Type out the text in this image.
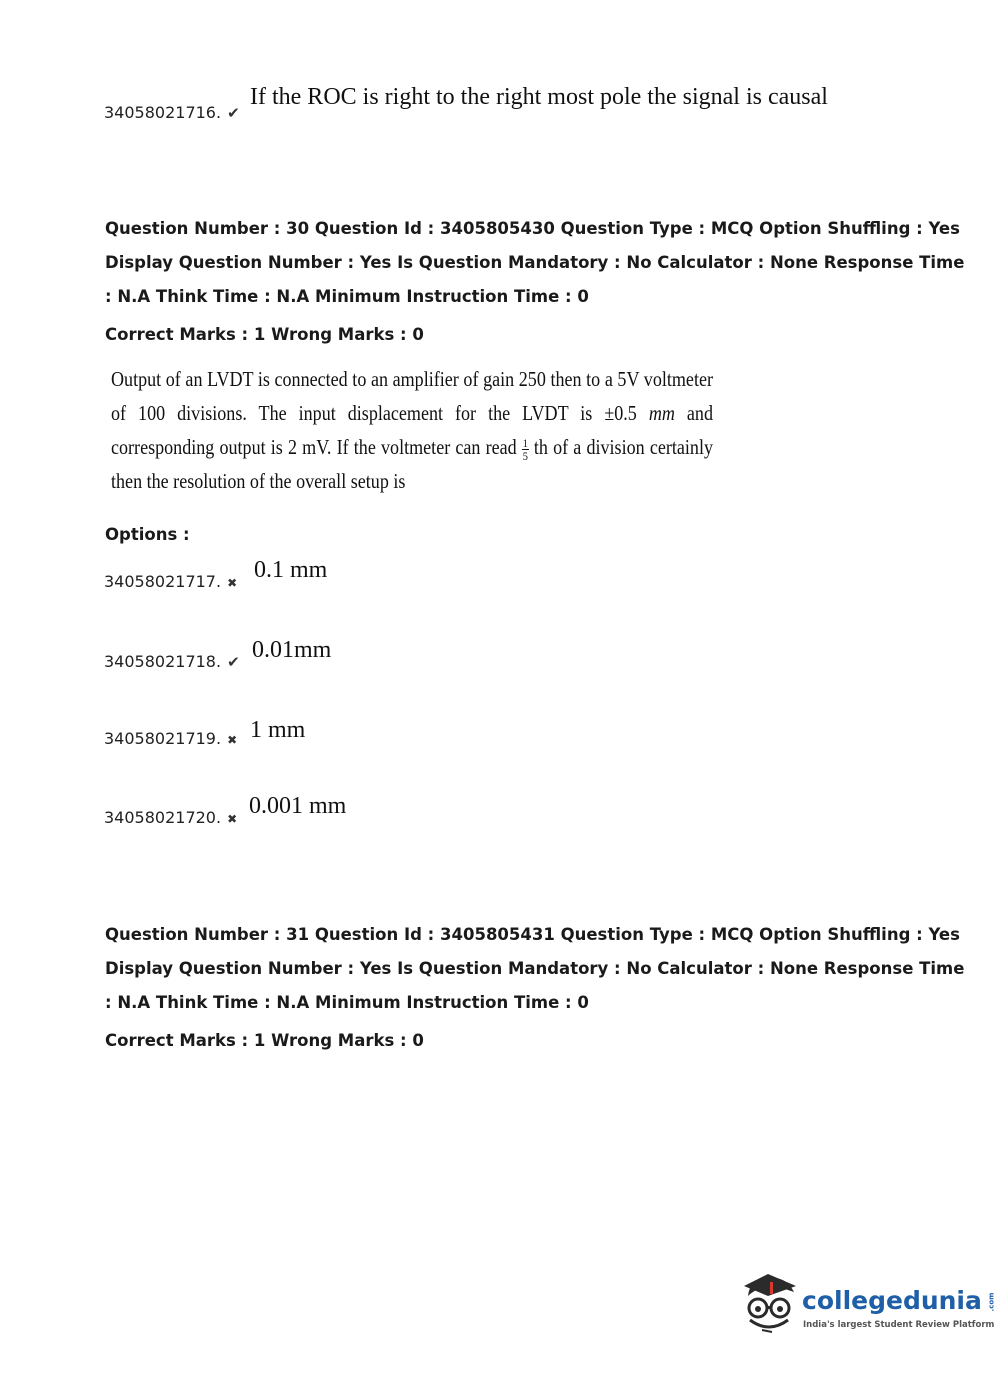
34058021716. ✔
If the ROC is right to the right most pole the signal is causal
Question Number : 30 Question Id : 3405805430 Question Type : MCQ Option Shuffling : Yes
Display Question Number : Yes Is Question Mandatory : No Calculator : None Response Time
: N.A Think Time : N.A Minimum Instruction Time : 0
Correct Marks : 1 Wrong Marks : 0
Output of an LVDT is connected to an amplifier of gain 250 then to a 5V voltmeter of 100 divisions. The input displacement for the LVDT is ±0.5 mm and corresponding output is 2 mV. If the voltmeter can read $\frac{1}{5}$ th of a division certainly then the resolution of the overall setup is
Options :
34058021717. ✖ 0.1 mm
34058021718. ✔ 0.01mm
34058021719. ✖ 1 mm
34058021720. ✖ 0.001 mm
Question Number : 31 Question Id : 3405805431 Question Type : MCQ Option Shuffling : Yes
Display Question Number : Yes Is Question Mandatory : No Calculator : None Response Time
: N.A Think Time : N.A Minimum Instruction Time : 0
Correct Marks : 1 Wrong Marks : 0
collegedunia .com
India's largest Student Review Platform
